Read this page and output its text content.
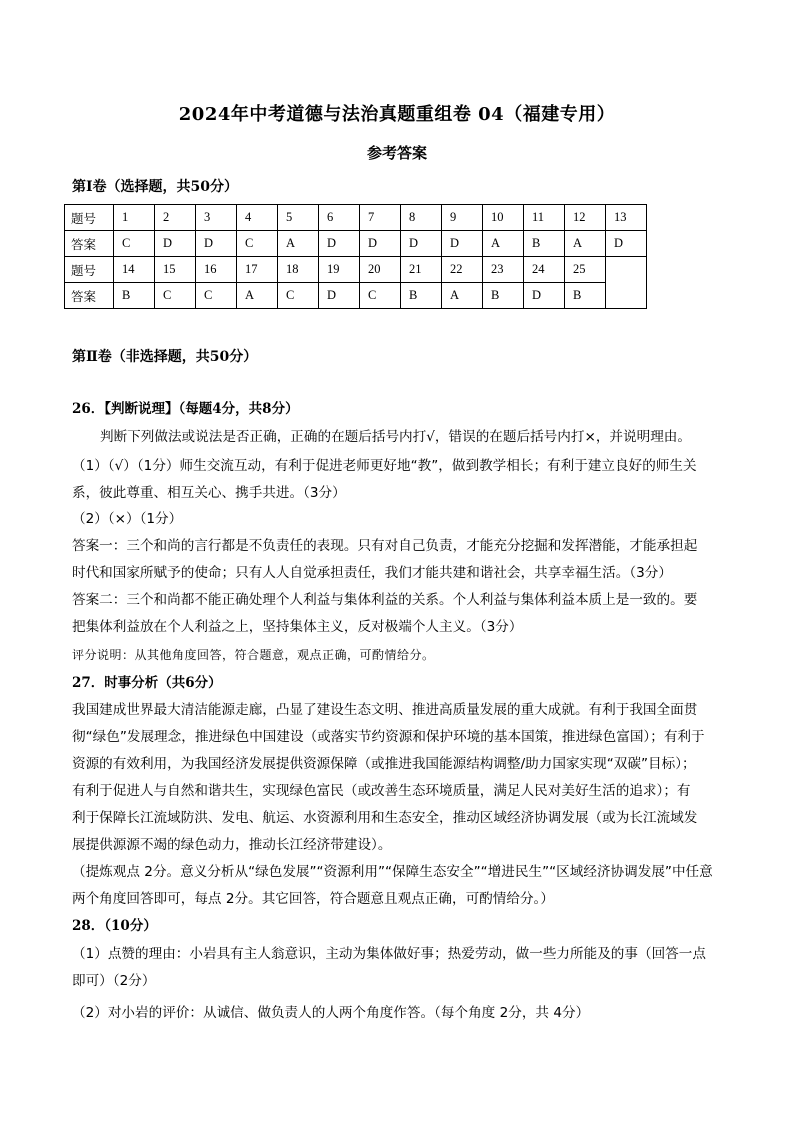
2024年中考道德与法治真题重组卷 04（福建专用）
参考答案
第Ⅰ卷（选择题，共50分）
题号	1	2	3	4	5	6	7	8	9	10	11	12	13
答案	C	D	D	C	A	D	D	D	D	A	B	A	D
题号	14	15	16	17	18	19	20	21	22	23	24	25	
答案	B	C	C	A	C	D	C	B	A	B	D	B	
第Ⅱ卷（非选择题，共50分）
26．【判断说理】（每题4分，共8分）
判断下列做法或说法是否正确，正确的在题后括号内打√，错误的在题后括号内打×，并说明理由。
（1）（√）（1分）师生交流互动，有利于促进老师更好地“教”，做到教学相长；有利于建立良好的师生关
系，彼此尊重、相互关心、携手共进。（3分）
（2）（×）（1分）
答案一：三个和尚的言行都是不负责任的表现。只有对自己负责，才能充分挖掘和发挥潜能，才能承担起
时代和国家所赋予的使命；只有人人自觉承担责任，我们才能共建和谐社会，共享幸福生活。（3分）
答案二：三个和尚都不能正确处理个人利益与集体利益的关系。个人利益与集体利益本质上是一致的。要
把集体利益放在个人利益之上，坚持集体主义，反对极端个人主义。（3分）
评分说明：从其他角度回答，符合题意，观点正确，可酌情给分。
27．时事分析（共6分）
我国建成世界最大清洁能源走廊，凸显了建设生态文明、推进高质量发展的重大成就。有利于我国全面贯
彻“绿色”发展理念，推进绿色中国建设（或落实节约资源和保护环境的基本国策，推进绿色富国）；有利于
资源的有效利用，为我国经济发展提供资源保障（或推进我国能源结构调整/助力国家实现“双碳”目标）；
有利于促进人与自然和谐共生，实现绿色富民（或改善生态环境质量，满足人民对美好生活的追求）；有
利于保障长江流域防洪、发电、航运、水资源利用和生态安全，推动区域经济协调发展（或为长江流域发
展提供源源不竭的绿色动力，推动长江经济带建设）。
（提炼观点 2分。意义分析从“绿色发展”“资源利用”“保障生态安全”“增进民生”“区域经济协调发展”中任意
两个角度回答即可，每点 2分。其它回答，符合题意且观点正确，可酌情给分。）
28．（10分）
（1）点赞的理由：小岩具有主人翁意识，主动为集体做好事；热爱劳动，做一些力所能及的事（回答一点
即可）（2分）
（2）对小岩的评价：从诚信、做负责人的人两个角度作答。（每个角度 2分，共 4分）
